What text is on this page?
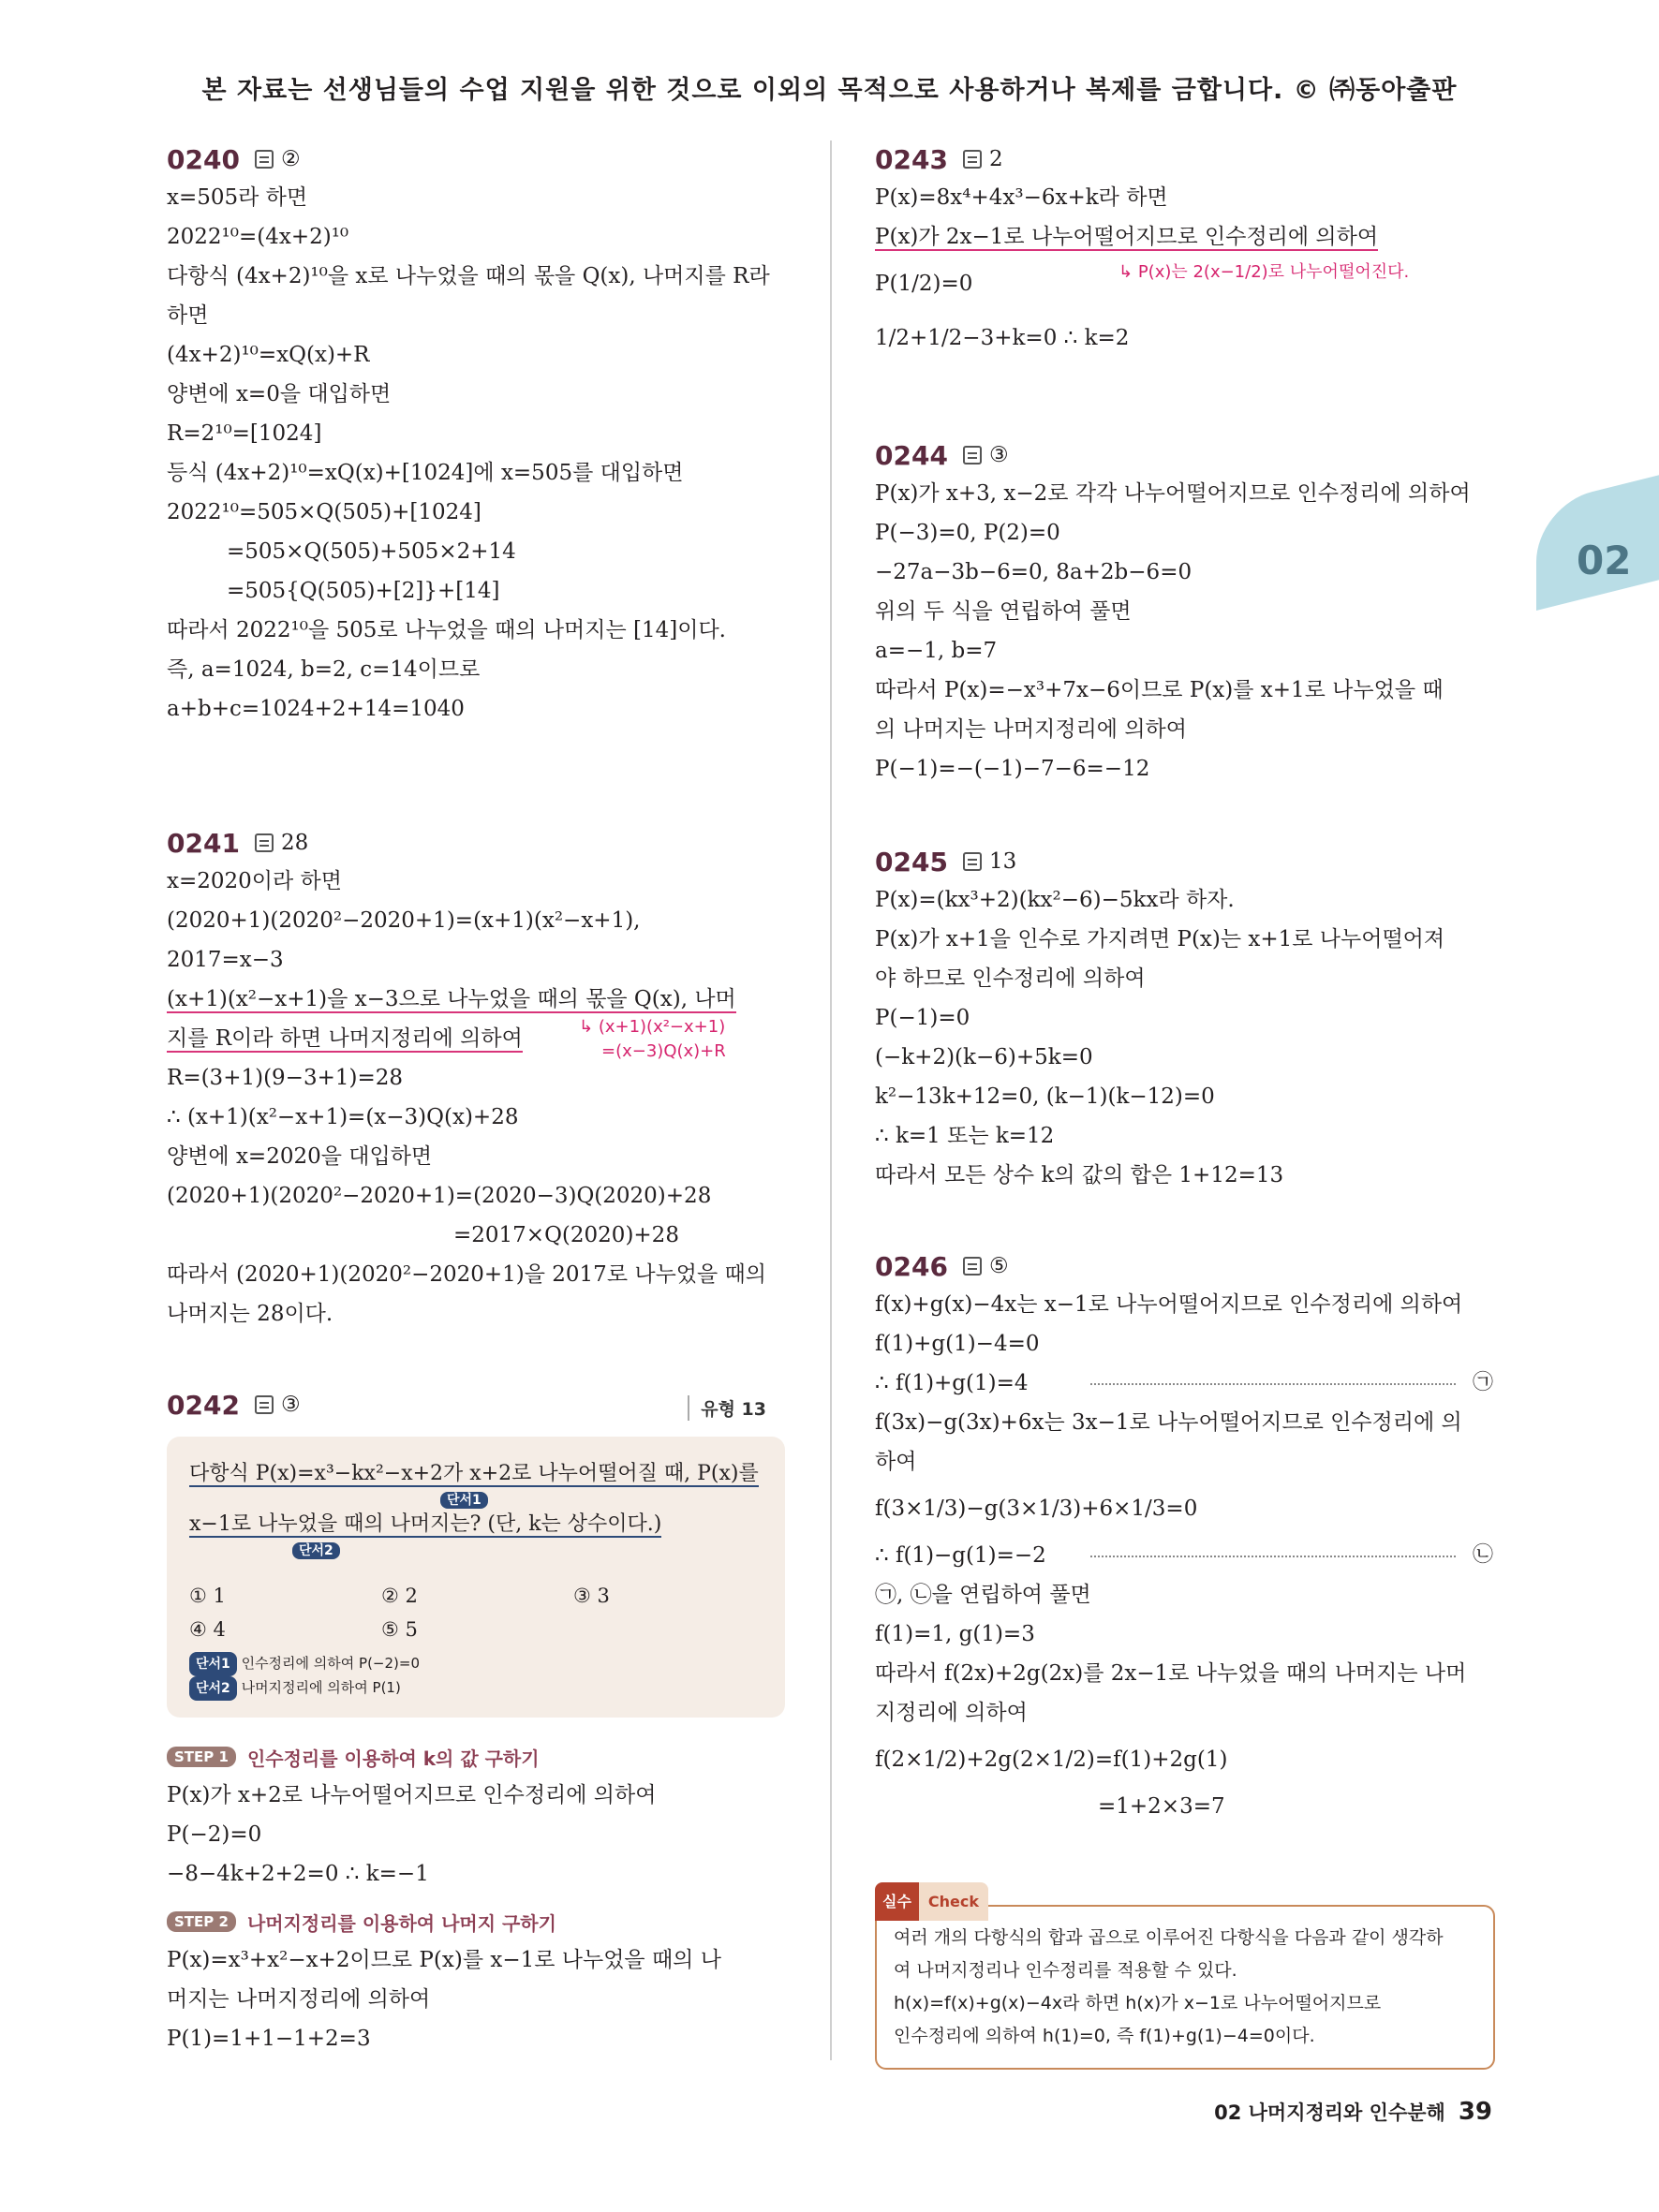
본 자료는 선생님들의 수업 지원을 위한 것으로 이외의 목적으로 사용하거나 복제를 금합니다. © ㈜동아출판
02
0240 ②
x=505라 하면
2022¹⁰=(4x+2)¹⁰
다항식 (4x+2)¹⁰을 x로 나누었을 때의 몫을 Q(x), 나머지를 R라
하면
(4x+2)¹⁰=xQ(x)+R
양변에 x=0을 대입하면
R=2¹⁰=[1024]
등식 (4x+2)¹⁰=xQ(x)+[1024]에 x=505를 대입하면
2022¹⁰=505×Q(505)+[1024]
=505×Q(505)+505×2+14
=505{Q(505)+[2]}+[14]
따라서 2022¹⁰을 505로 나누었을 때의 나머지는 [14]이다.
즉, a=1024, b=2, c=14이므로
a+b+c=1024+2+14=1040
0241 28
x=2020이라 하면
(2020+1)(2020²−2020+1)=(x+1)(x²−x+1),
2017=x−3
(x+1)(x²−x+1)을 x−3으로 나누었을 때의 몫을 Q(x), 나머
지를 R이라 하면 나머지정리에 의하여	↳ (x+1)(x²−x+1)
=(x−3)Q(x)+R
R=(3+1)(9−3+1)=28
∴ (x+1)(x²−x+1)=(x−3)Q(x)+28
양변에 x=2020을 대입하면
(2020+1)(2020²−2020+1)=(2020−3)Q(2020)+28
=2017×Q(2020)+28
따라서 (2020+1)(2020²−2020+1)을 2017로 나누었을 때의
나머지는 28이다.
0242 ③	유형 13
다항식 P(x)=x³−kx²−x+2가 x+2로 나누어떨어질 때, P(x)를
단서1
x−1로 나누었을 때의 나머지는? (단, k는 상수이다.)
단서2
① 1	② 2	③ 3
④ 4	⑤ 5
단서1 인수정리에 의하여 P(−2)=0
단서2 나머지정리에 의하여 P(1)
STEP 1	인수정리를 이용하여 k의 값 구하기
P(x)가 x+2로 나누어떨어지므로 인수정리에 의하여
P(−2)=0
−8−4k+2+2=0 ∴ k=−1
STEP 2	나머지정리를 이용하여 나머지 구하기
P(x)=x³+x²−x+2이므로 P(x)를 x−1로 나누었을 때의 나
머지는 나머지정리에 의하여
P(1)=1+1−1+2=3
0243 2
P(x)=8x⁴+4x³−6x+k라 하면
P(x)가 2x−1로 나누어떨어지므로 인수정리에 의하여
P(1/2)=0	↳ P(x)는 2(x−1/2)로 나누어떨어진다.
1/2+1/2−3+k=0 ∴ k=2
0244 ③
P(x)가 x+3, x−2로 각각 나누어떨어지므로 인수정리에 의하여
P(−3)=0, P(2)=0
−27a−3b−6=0, 8a+2b−6=0
위의 두 식을 연립하여 풀면
a=−1, b=7
따라서 P(x)=−x³+7x−6이므로 P(x)를 x+1로 나누었을 때
의 나머지는 나머지정리에 의하여
P(−1)=−(−1)−7−6=−12
0245 13
P(x)=(kx³+2)(kx²−6)−5kx라 하자.
P(x)가 x+1을 인수로 가지려면 P(x)는 x+1로 나누어떨어져
야 하므로 인수정리에 의하여
P(−1)=0
(−k+2)(k−6)+5k=0
k²−13k+12=0, (k−1)(k−12)=0
∴ k=1 또는 k=12
따라서 모든 상수 k의 값의 합은 1+12=13
0246 ⑤
f(x)+g(x)−4x는 x−1로 나누어떨어지므로 인수정리에 의하여
f(1)+g(1)−4=0
∴ f(1)+g(1)=4	㉠
f(3x)−g(3x)+6x는 3x−1로 나누어떨어지므로 인수정리에 의
하여
f(3×1/3)−g(3×1/3)+6×1/3=0
∴ f(1)−g(1)=−2	㉡
㉠, ㉡을 연립하여 풀면
f(1)=1, g(1)=3
따라서 f(2x)+2g(2x)를 2x−1로 나누었을 때의 나머지는 나머
지정리에 의하여
f(2×1/2)+2g(2×1/2)=f(1)+2g(1)
=1+2×3=7
실수	Check
여러 개의 다항식의 합과 곱으로 이루어진 다항식을 다음과 같이 생각하
여 나머지정리나 인수정리를 적용할 수 있다.
h(x)=f(x)+g(x)−4x라 하면 h(x)가 x−1로 나누어떨어지므로
인수정리에 의하여 h(1)=0, 즉 f(1)+g(1)−4=0이다.
02 나머지정리와 인수분해 39
